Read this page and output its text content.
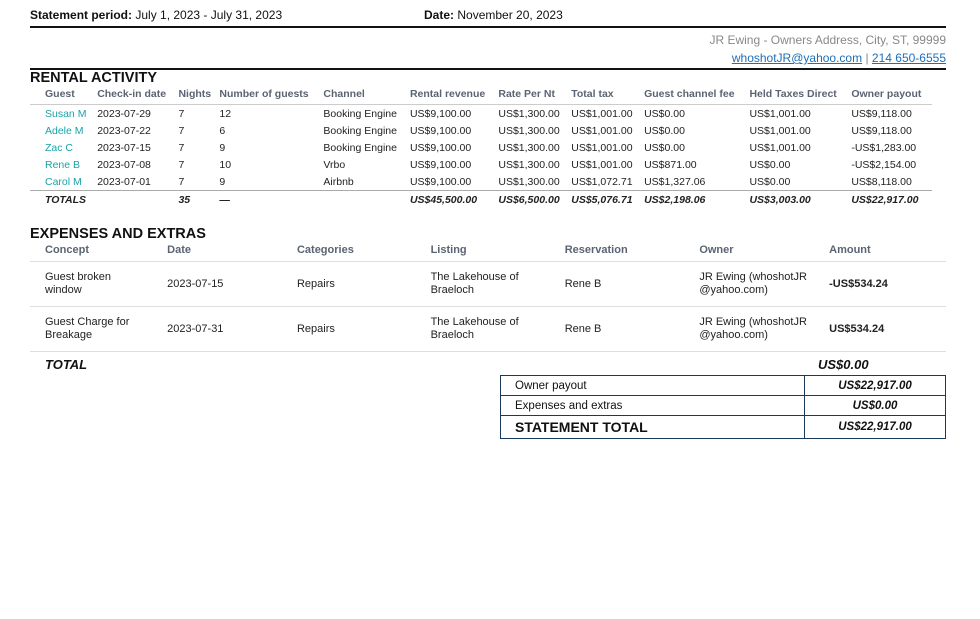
Statement period: July 1, 2023 - July 31, 2023	Date: November 20, 2023
JR Ewing - Owners Address, City, ST, 99999
whoshotJR@yahoo.com | 214 650-6555
RENTAL ACTIVITY
Guest	Check-in date	Nights	Number of guests	Channel	Rental revenue	Rate Per Nt	Total tax	Guest channel fee	Held Taxes Direct	Owner payout
Susan M	2023-07-29	7	12	Booking Engine	US$9,100.00	US$1,300.00	US$1,001.00	US$0.00	US$1,001.00	US$9,118.00
Adele M	2023-07-22	7	6	Booking Engine	US$9,100.00	US$1,300.00	US$1,001.00	US$0.00	US$1,001.00	US$9,118.00
Zac C	2023-07-15	7	9	Booking Engine	US$9,100.00	US$1,300.00	US$1,001.00	US$0.00	US$1,001.00	-US$1,283.00
Rene B	2023-07-08	7	10	Vrbo	US$9,100.00	US$1,300.00	US$1,001.00	US$871.00	US$0.00	-US$2,154.00
Carol M	2023-07-01	7	9	Airbnb	US$9,100.00	US$1,300.00	US$1,072.71	US$1,327.06	US$0.00	US$8,118.00
TOTALS		35	—		US$45,500.00	US$6,500.00	US$5,076.71	US$2,198.06	US$3,003.00	US$22,917.00
EXPENSES AND EXTRAS
Concept	Date	Categories	Listing	Reservation	Owner	Amount
Guest broken window	2023-07-15	Repairs	The Lakehouse of Braeloch	Rene B	JR Ewing (whoshotJR@yahoo.com)	-US$534.24
Guest Charge for Breakage	2023-07-31	Repairs	The Lakehouse of Braeloch	Rene B	JR Ewing (whoshotJR@yahoo.com)	US$534.24
TOTAL	US$0.00
Owner payout	US$22,917.00
Expenses and extras	US$0.00
STATEMENT TOTAL	US$22,917.00
